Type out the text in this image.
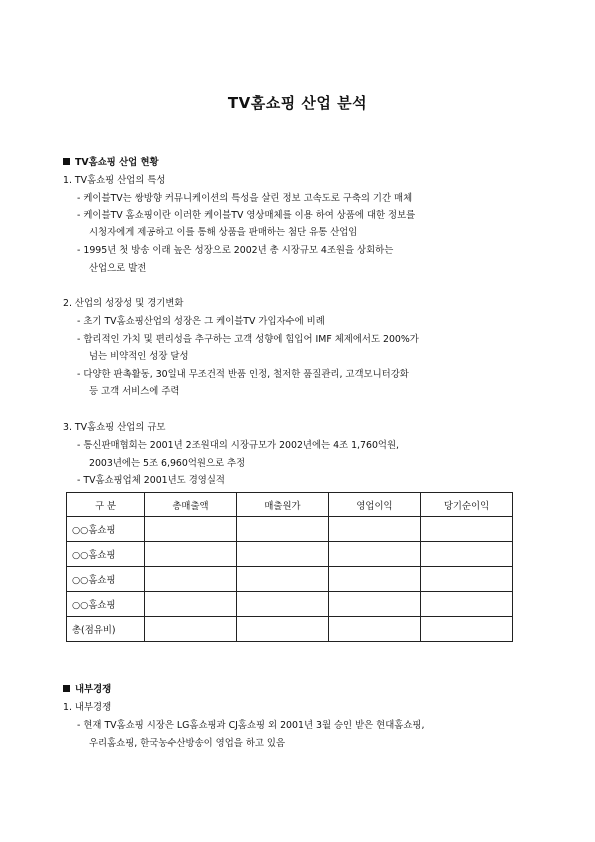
TV홈쇼핑 산업 분석
TV홈쇼핑 산업 현황
1. TV홈쇼핑 산업의 특성
- 케이블TV는 쌍방향 커뮤니케이션의 특성을 살린 정보 고속도로 구축의 기간 매체
- 케이블TV 홈쇼핑이란 이러한 케이블TV 영상매체를 이용 하여 상품에 대한 정보를
시청자에게 제공하고 이를 통해 상품을 판매하는 첨단 유통 산업임
- 1995년 첫 방송 이래 높은 성장으로 2002년 총 시장규모 4조원을 상회하는
산업으로 발전
2. 산업의 성장성 및 경기변화
- 초기 TV홈쇼핑산업의 성장은 그 케이블TV 가입자수에 비례
- 합리적인 가치 및 편리성을 추구하는 고객 성향에 힘입어 IMF 체제에서도 200%가
넘는 비약적인 성장 달성
- 다양한 판촉활동, 30일내 무조건적 반품 인정, 철저한 품질관리, 고객모니터강화
등 고객 서비스에 주력
3. TV홈쇼핑 산업의 규모
- 통신판매협회는 2001년 2조원대의 시장규모가 2002년에는 4조 1,760억원,
2003년에는 5조 6,960억원으로 추정
- TV홈쇼핑업체 2001년도 경영실적
구 분	총매출액	매출원가	영업이익	당기순이익
○○홈쇼핑				
○○홈쇼핑				
○○홈쇼핑				
○○홈쇼핑				
총(점유비)				
내부경쟁
1. 내부경쟁
- 현재 TV홈쇼핑 시장은 LG홈쇼핑과 CJ홈쇼핑 외 2001년 3월 승인 받은 현대홈쇼핑,
우리홈쇼핑, 한국농수산방송이 영업을 하고 있음
